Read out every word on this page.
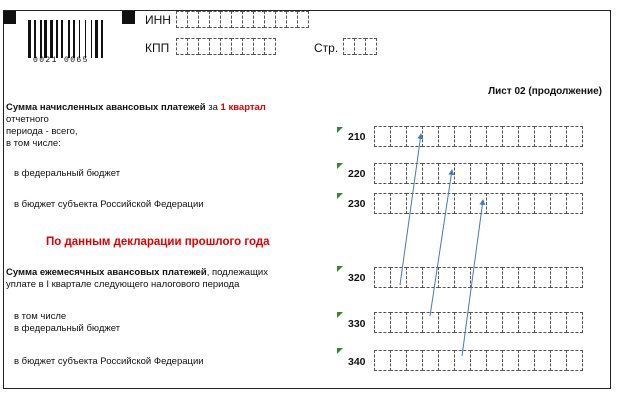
0021 0065
ИНН
КПП	Стр.
Лист 02 (продолжение)
Сумма начисленных авансовых платежей за 1 квартал
отчетного
периода - всего,
в том числе:
210
в федеральный бюджет	220
в бюджет субъекта Российской Федерации	230
По данным декларации прошлого года
Сумма ежемесячных авансовых платежей, подлежащих
уплате в I квартале следующего налогового периода
320
в том числе
в федеральный бюджет	330
в бюджет субъекта Российской Федерации	340
